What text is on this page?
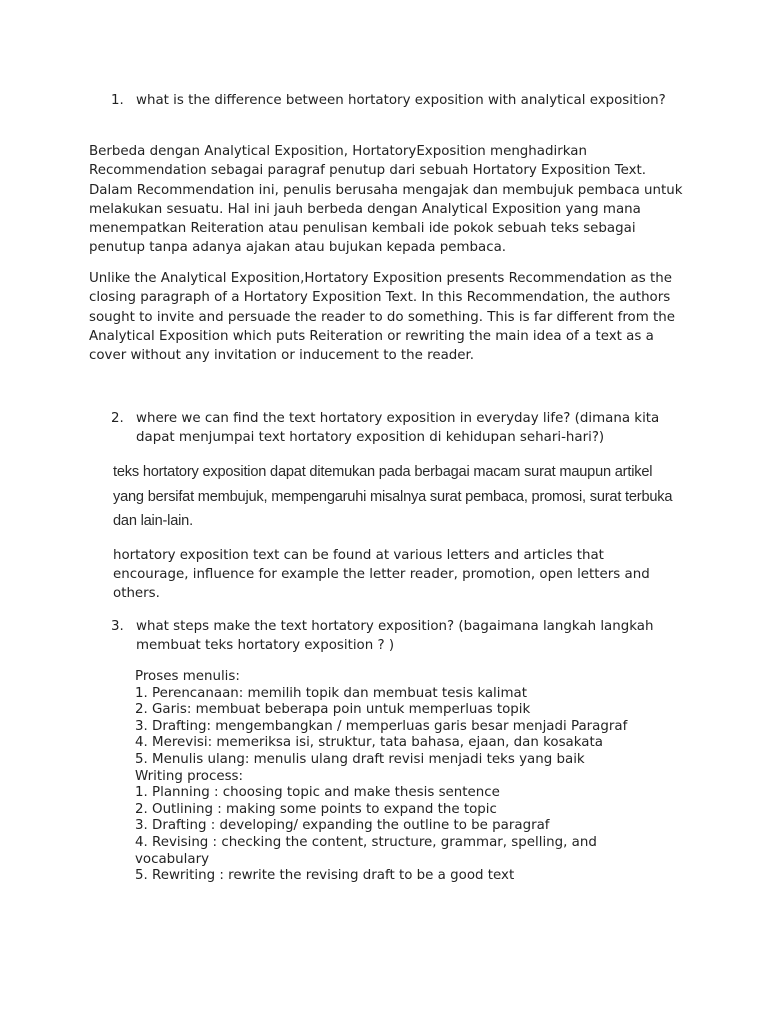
1. what is the difference between hortatory exposition with analytical exposition?

Berbeda dengan Analytical Exposition, HortatoryExposition menghadirkan Recommendation sebagai paragraf penutup dari sebuah Hortatory Exposition Text. Dalam Recommendation ini, penulis berusaha mengajak dan membujuk pembaca untuk melakukan sesuatu. Hal ini jauh berbeda dengan Analytical Exposition yang mana menempatkan Reiteration atau penulisan kembali ide pokok sebuah teks sebagai penutup tanpa adanya ajakan atau bujukan kepada pembaca.

Unlike the Analytical Exposition,Hortatory Exposition presents Recommendation as the closing paragraph of a Hortatory Exposition Text. In this Recommendation, the authors sought to invite and persuade the reader to do something. This is far different from the Analytical Exposition which puts Reiteration or rewriting the main idea of a text as a cover without any invitation or inducement to the reader.

2. where we can find the text hortatory exposition in everyday life? (dimana kita dapat menjumpai text hortatory exposition di kehidupan sehari-hari?)
teks hortatory exposition dapat ditemukan pada berbagai macam surat maupun artikel yang bersifat membujuk, mempengaruhi misalnya surat pembaca, promosi, surat terbuka dan lain-lain.
hortatory exposition text can be found at various letters and articles that encourage, influence for example the letter reader, promotion, open letters and others.
3. what steps make the text hortatory exposition? (bagaimana langkah langkah membuat teks hortatory exposition ? )
Proses menulis:
1. Perencanaan: memilih topik dan membuat tesis kalimat
2. Garis: membuat beberapa poin untuk memperluas topik
3. Drafting: mengembangkan / memperluas garis besar menjadi Paragraf
4. Merevisi: memeriksa isi, struktur, tata bahasa, ejaan, dan kosakata
5. Menulis ulang: menulis ulang draft revisi menjadi teks yang baik
Writing process:
1. Planning : choosing topic and make thesis sentence
2. Outlining : making some points to expand the topic
3. Drafting : developing/ expanding the outline to be paragraf
4. Revising : checking the content, structure, grammar, spelling, and vocabulary
5. Rewriting : rewrite the revising draft to be a good text
